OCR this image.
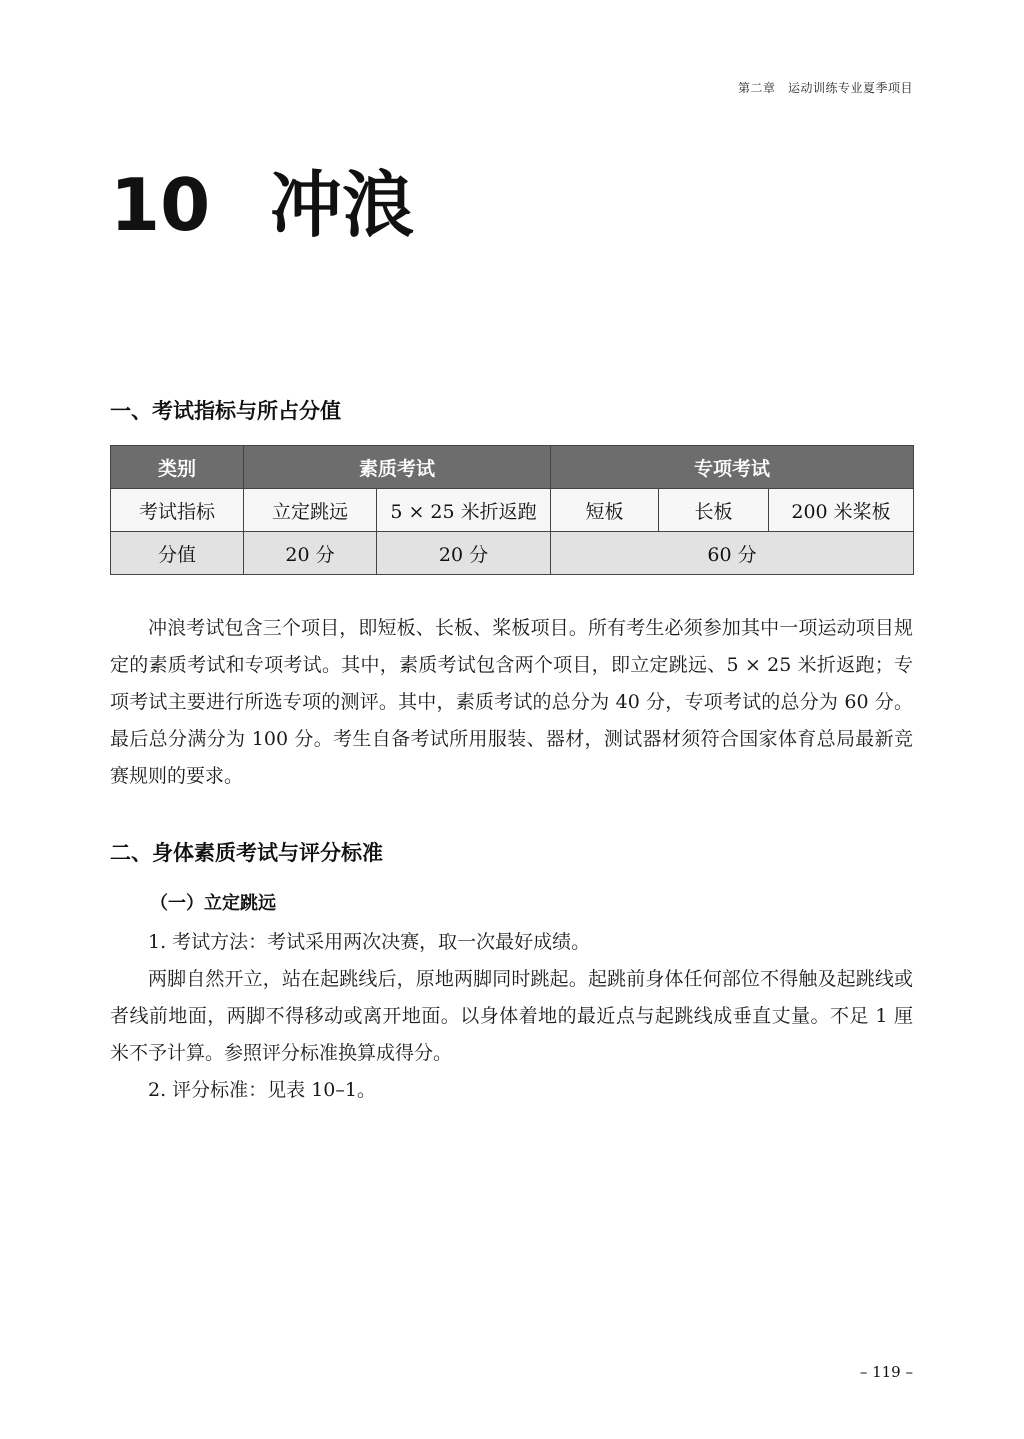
第二章　运动训练专业夏季项目
10 冲浪
一、考试指标与所占分值
类别	素质考试		专项考试		
考试指标	立定跳远	5 × 25 米折返跑	短板	长板	200 米桨板
分值	20 分	20 分	60 分		

冲浪考试包含三个项目，即短板、长板、桨板项目。所有考生必须参加其中一项运动项目规定的素质考试和专项考试。其中，素质考试包含两个项目，即立定跳远、5 × 25 米折返跑；专项考试主要进行所选专项的测评。其中，素质考试的总分为 40 分，专项考试的总分为 60 分。最后总分满分为 100 分。考生自备考试所用服装、器材，测试器材须符合国家体育总局最新竞赛规则的要求。

二、身体素质考试与评分标准
（一）立定跳远

1. 考试方法：考试采用两次决赛，取一次最好成绩。

两脚自然开立，站在起跳线后，原地两脚同时跳起。起跳前身体任何部位不得触及起跳线或者线前地面，两脚不得移动或离开地面。以身体着地的最近点与起跳线成垂直丈量。不足 1 厘米不予计算。参照评分标准换算成得分。

2. 评分标准：见表 10–1。

– 119 –
